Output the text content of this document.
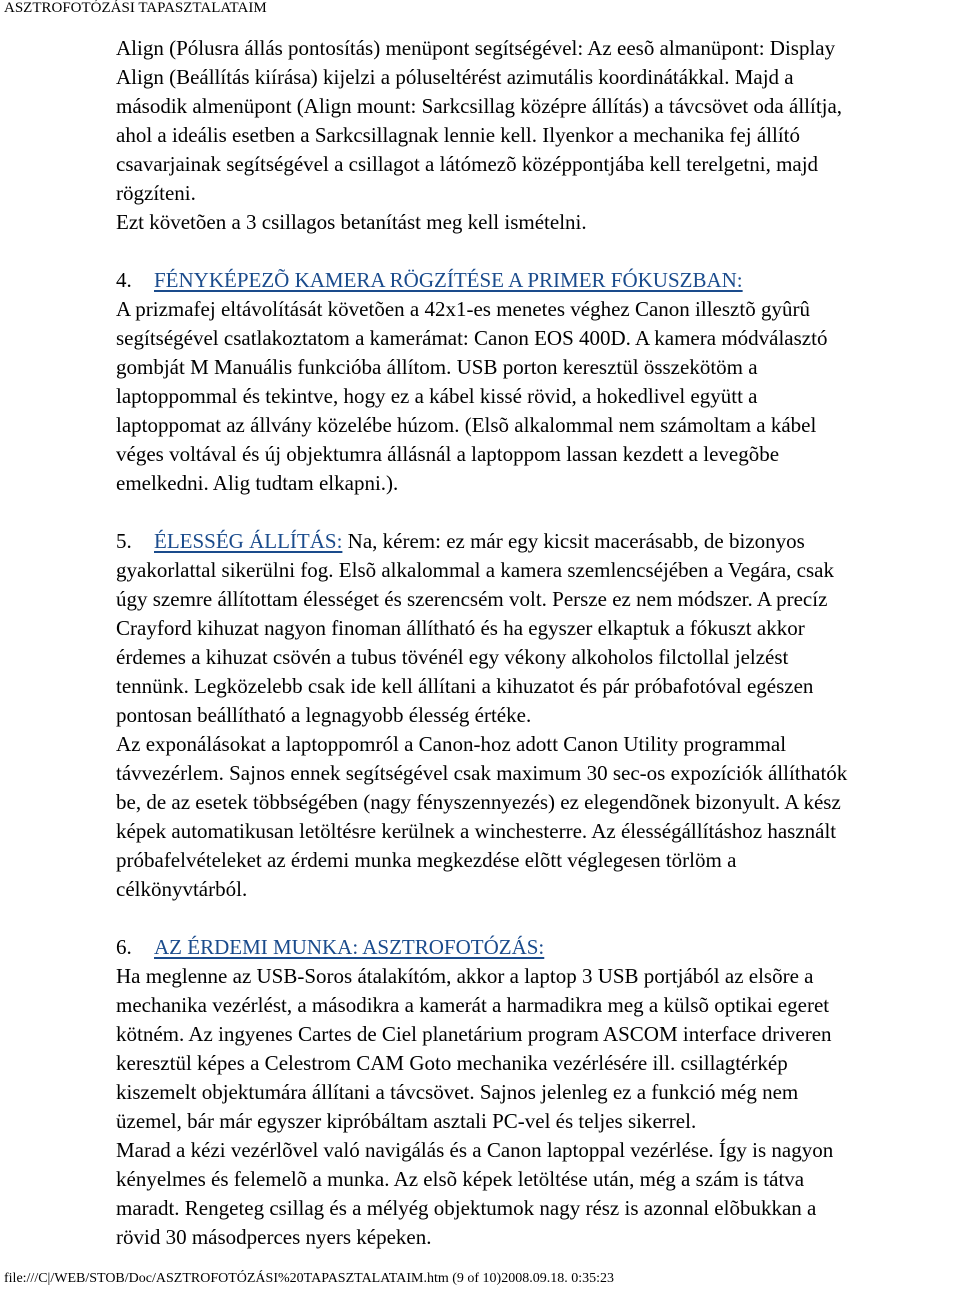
ASZTROFOTÓZÁSI TAPASZTALATAIM
Align (Pólusra állás pontosítás) menüpont segítségével: Az eesõ almanüpont: Display
Align (Beállítás kiírása) kijelzi a póluseltérést azimutális koordinátákkal. Majd a
második almenüpont (Align mount: Sarkcsillag középre állítás) a távcsövet oda állítja,
ahol a ideális esetben a Sarkcsillagnak lennie kell. Ilyenkor a mechanika fej állító
csavarjainak segítségével a csillagot a látómezõ középpontjába kell terelgetni, majd
rögzíteni.
Ezt követõen a 3 csillagos betanítást meg kell ismételni.
4. FÉNYKÉPEZÕ KAMERA RÖGZÍTÉSE A PRIMER FÓKUSZBAN:
A prizmafej eltávolítását követõen a 42x1-es menetes véghez Canon illesztõ gyûrû
segítségével csatlakoztatom a kamerámat: Canon EOS 400D. A kamera módválasztó
gombját M Manuális funkcióba állítom. USB porton keresztül összekötöm a
laptoppommal és tekintve, hogy ez a kábel kissé rövid, a hokedlivel együtt a
laptoppomat az állvány közelébe húzom. (Elsõ alkalommal nem számoltam a kábel
véges voltával és új objektumra állásnál a laptoppom lassan kezdett a levegõbe
emelkedni. Alig tudtam elkapni.).
5. ÉLESSÉG ÁLLÍTÁS: Na, kérem: ez már egy kicsit macerásabb, de bizonyos
gyakorlattal sikerülni fog. Elsõ alkalommal a kamera szemlencséjében a Vegára, csak
úgy szemre állítottam élességet és szerencsém volt. Persze ez nem módszer. A precíz
Crayford kihuzat nagyon finoman állítható és ha egyszer elkaptuk a fókuszt akkor
érdemes a kihuzat csövén a tubus tövénél egy vékony alkoholos filctollal jelzést
tennünk. Legközelebb csak ide kell állítani a kihuzatot és pár próbafotóval egészen
pontosan beállítható a legnagyobb élesség értéke.
Az exponálásokat a laptoppomról a Canon-hoz adott Canon Utility programmal
távvezérlem. Sajnos ennek segítségével csak maximum 30 sec-os expozíciók állíthatók
be, de az esetek többségében (nagy fényszennyezés) ez elegendõnek bizonyult. A kész
képek automatikusan letöltésre kerülnek a winchesterre. Az élességállításhoz használt
próbafelvételeket az érdemi munka megkezdése elõtt véglegesen törlöm a
célkönyvtárból.
6. AZ ÉRDEMI MUNKA: ASZTROFOTÓZÁS:
Ha meglenne az USB-Soros átalakítóm, akkor a laptop 3 USB portjából az elsõre a
mechanika vezérlést, a másodikra a kamerát a harmadikra meg a külsõ optikai egeret
kötném. Az ingyenes Cartes de Ciel planetárium program ASCOM interface driveren
keresztül képes a Celestrom CAM Goto mechanika vezérlésére ill. csillagtérkép
kiszemelt objektumára állítani a távcsövet. Sajnos jelenleg ez a funkció még nem
üzemel, bár már egyszer kipróbáltam asztali PC-vel és teljes sikerrel.
Marad a kézi vezérlõvel való navigálás és a Canon laptoppal vezérlése. Így is nagyon
kényelmes és felemelõ a munka. Az elsõ képek letöltése után, még a szám is tátva
maradt. Rengeteg csillag és a mélyég objektumok nagy rész is azonnal elõbukkan a
rövid 30 másodperces nyers képeken.
file:///C|/WEB/STOB/Doc/ASZTROFOTÓZÁSI%20TAPASZTALATAIM.htm (9 of 10)2008.09.18. 0:35:23
